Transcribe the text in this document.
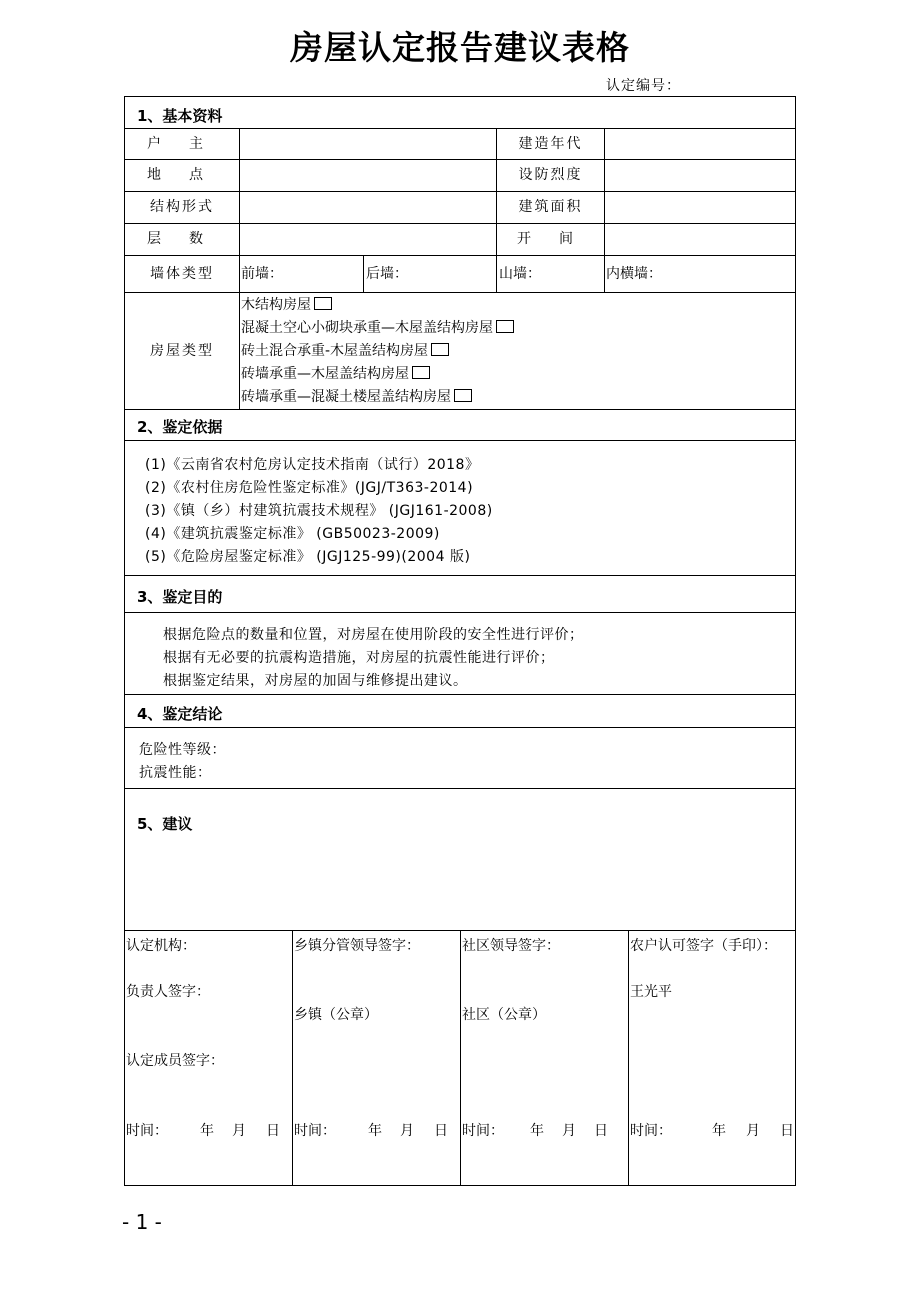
房屋认定报告建议表格
认定编号：
1、基本资料
户　　主	建造年代
地　　点	设防烈度
结构形式	建筑面积
层　　数	开　　间
墙体类型	前墙：	后墙：	山墙：	内横墙：
房屋类型
木结构房屋
混凝土空心小砌块承重—木屋盖结构房屋
砖土混合承重-木屋盖结构房屋
砖墙承重—木屋盖结构房屋
砖墙承重—混凝土楼屋盖结构房屋
2、鉴定依据
(1)《云南省农村危房认定技术指南（试行）2018》
(2)《农村住房危险性鉴定标准》(JGJ/T363-2014)
(3)《镇（乡）村建筑抗震技术规程》 (JGJ161-2008)
(4)《建筑抗震鉴定标准》 (GB50023-2009)
(5)《危险房屋鉴定标准》 (JGJ125-99)(2004 版)
3、鉴定目的
根据危险点的数量和位置，对房屋在使用阶段的安全性进行评价；
根据有无必要的抗震构造措施，对房屋的抗震性能进行评价；
根据鉴定结果，对房屋的加固与维修提出建议。
4、鉴定结论
危险性等级：
抗震性能：
5、建议
认定机构：
负责人签字：
认定成员签字：
时间： 年 月 日
乡镇分管领导签字：
乡镇（公章）
时间： 年 月 日
社区领导签字：
社区（公章）
时间： 年 月 日
农户认可签字（手印）：
王光平
时间：	年 月 日
- 1 -
